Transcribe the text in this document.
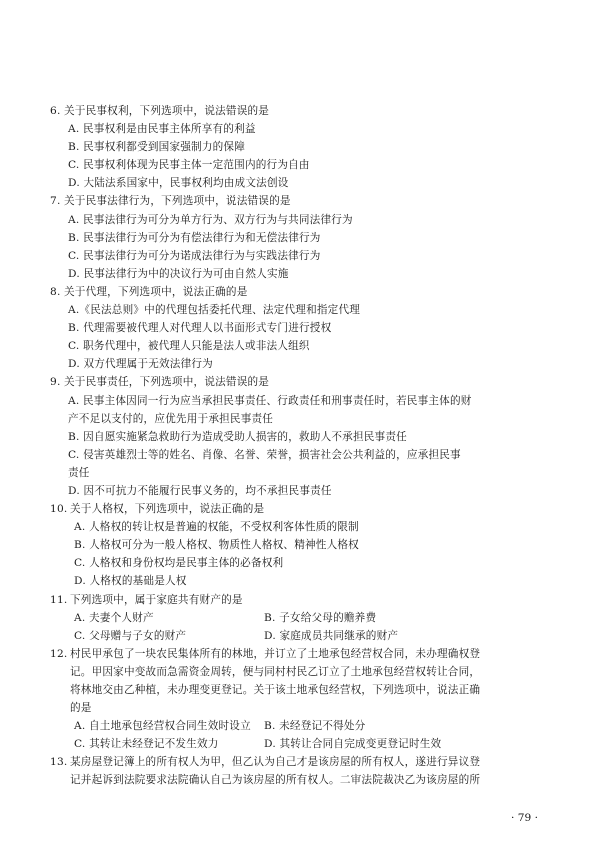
6. 关于民事权利，下列选项中，说法错误的是
A. 民事权利是由民事主体所享有的利益
B. 民事权利都受到国家强制力的保障
C. 民事权利体现为民事主体一定范围内的行为自由
D. 大陆法系国家中，民事权利均由成文法创设
7. 关于民事法律行为，下列选项中，说法错误的是
A. 民事法律行为可分为单方行为、双方行为与共同法律行为
B. 民事法律行为可分为有偿法律行为和无偿法律行为
C. 民事法律行为可分为诺成法律行为与实践法律行为
D. 民事法律行为中的决议行为可由自然人实施
8. 关于代理，下列选项中，说法正确的是
A.《民法总则》中的代理包括委托代理、法定代理和指定代理
B. 代理需要被代理人对代理人以书面形式专门进行授权
C. 职务代理中，被代理人只能是法人或非法人组织
D. 双方代理属于无效法律行为
9. 关于民事责任，下列选项中，说法错误的是
A. 民事主体因同一行为应当承担民事责任、行政责任和刑事责任时，若民事主体的财
产不足以支付的，应优先用于承担民事责任
B. 因自愿实施紧急救助行为造成受助人损害的，救助人不承担民事责任
C. 侵害英雄烈士等的姓名、肖像、名誉、荣誉，损害社会公共利益的，应承担民事
责任
D. 因不可抗力不能履行民事义务的，均不承担民事责任
10. 关于人格权，下列选项中，说法正确的是
A. 人格权的转让权是普遍的权能，不受权利客体性质的限制
B. 人格权可分为一般人格权、物质性人格权、精神性人格权
C. 人格权和身份权均是民事主体的必备权利
D. 人格权的基础是人权
11. 下列选项中，属于家庭共有财产的是
A. 夫妻个人财产	B. 子女给父母的赡养费
C. 父母赠与子女的财产	D. 家庭成员共同继承的财产
12. 村民甲承包了一块农民集体所有的林地，并订立了土地承包经营权合同，未办理确权登
记。甲因家中变故而急需资金周转，便与同村村民乙订立了土地承包经营权转让合同，
将林地交由乙种植，未办理变更登记。关于该土地承包经营权，下列选项中，说法正确
的是
A. 自土地承包经营权合同生效时设立	B. 未经登记不得处分
C. 其转让未经登记不发生效力	D. 其转让合同自完成变更登记时生效
13. 某房屋登记簿上的所有权人为甲，但乙认为自己才是该房屋的所有权人，遂进行异议登
记并起诉到法院要求法院确认自己为该房屋的所有权人。二审法院裁决乙为该房屋的所
· 79 ·
